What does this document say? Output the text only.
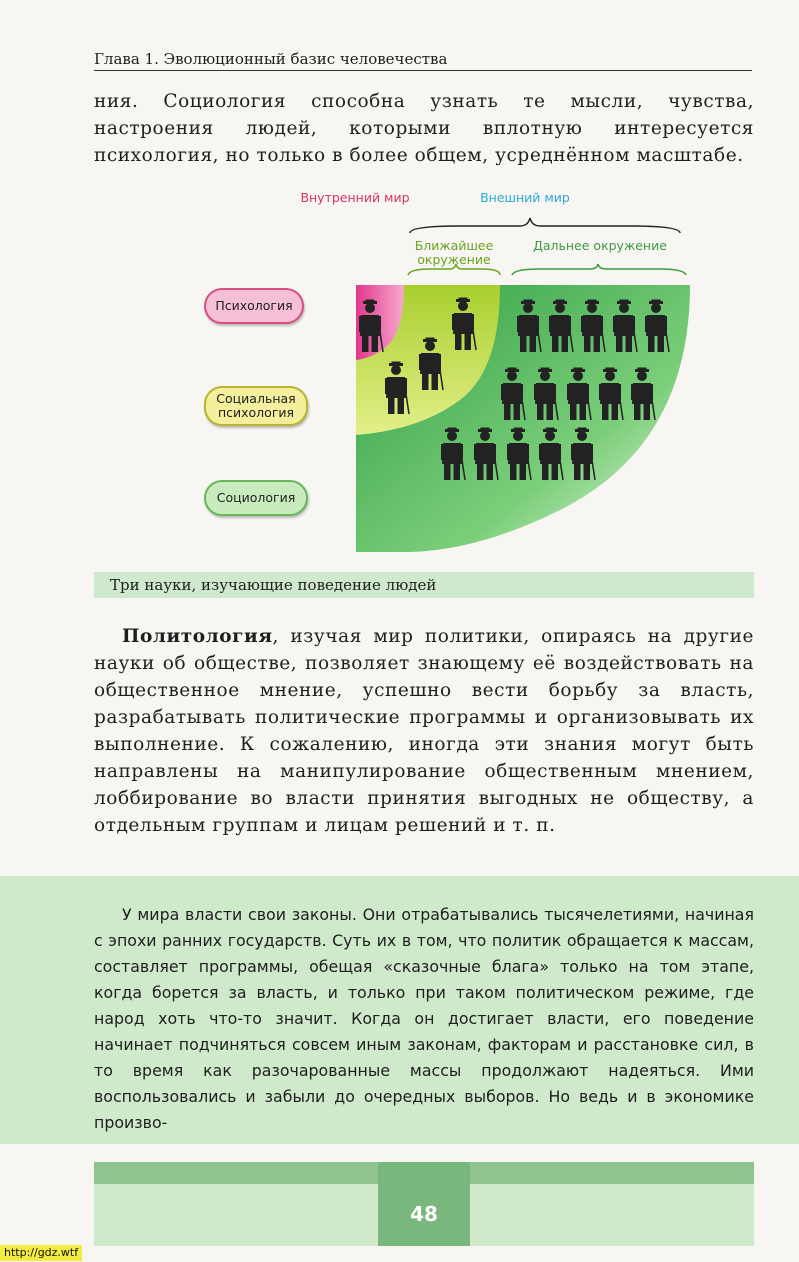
Глава 1. Эволюционный базис человечества

ния. Социология способна узнать те мысли, чувства, настроения людей, которыми вплотную интересуется психология, но только в более общем, усреднённом масштабе.

Внутренний мир	Внешний мир
Ближайшее окружение
Дальнее окружение
Психология
Социальная психология
Социология
Три науки, изучающие поведение людей

Политология, изучая мир политики, опираясь на другие науки об обществе, позволяет знающему её воздействовать на общественное мнение, успешно вести борьбу за власть, разрабатывать политические программы и организовывать их выполнение. К сожалению, иногда эти знания могут быть направлены на манипулирование общественным мнением, лоббирование во власти принятия выгодных не обществу, а отдельным группам и лицам решений и т. п.

У мира власти свои законы. Они отрабатывались тысячелетиями, начиная с эпохи ранних государств. Суть их в том, что политик обращается к массам, составляет программы, обещая «сказочные блага» только на том этапе, когда борется за власть, и только при таком политическом режиме, где народ хоть что-то значит. Когда он достигает власти, его поведение начинает подчиняться совсем иным законам, факторам и расстановке сил, в то время как разочарованные массы продолжают надеяться. Ими воспользовались и забыли до очередных выборов. Но ведь и в экономике произво-

48
http://gdz.wtf
